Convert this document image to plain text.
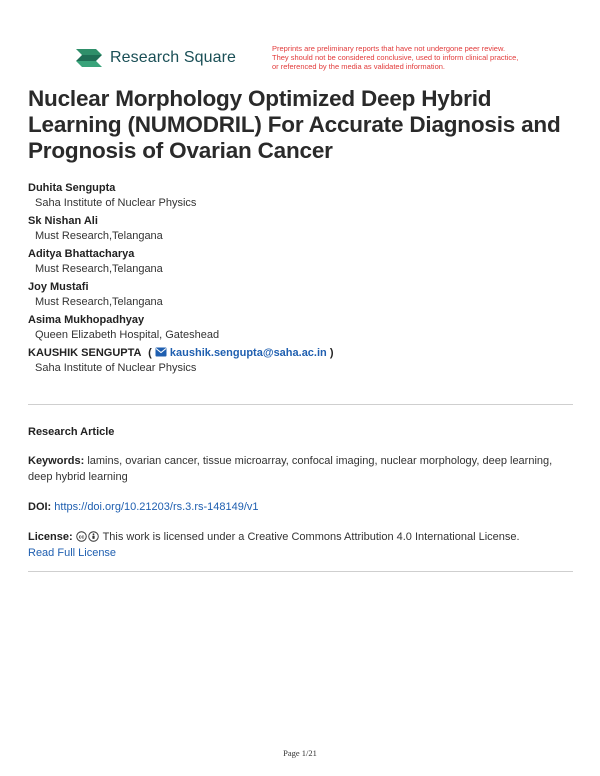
Research Square
Preprints are preliminary reports that have not undergone peer review.
They should not be considered conclusive, used to inform clinical practice,
or referenced by the media as validated information.
Nuclear Morphology Optimized Deep Hybrid Learning (NUMODRIL) For Accurate Diagnosis and Prognosis of Ovarian Cancer
Duhita Sengupta
Saha Institute of Nuclear Physics
Sk Nishan Ali
Must Research,Telangana
Aditya Bhattacharya
Must Research,Telangana
Joy Mustafi
Must Research,Telangana
Asima Mukhopadhyay
Queen Elizabeth Hospital, Gateshead
KAUSHIK SENGUPTA ( kaushik.sengupta@saha.ac.in )
Saha Institute of Nuclear Physics
Research Article
Keywords: lamins, ovarian cancer, tissue microarray, confocal imaging, nuclear morphology, deep learning, deep hybrid learning
DOI: https://doi.org/10.21203/rs.3.rs-148149/v1
License: cc This work is licensed under a Creative Commons Attribution 4.0 International License.
Read Full License
Page 1/21
